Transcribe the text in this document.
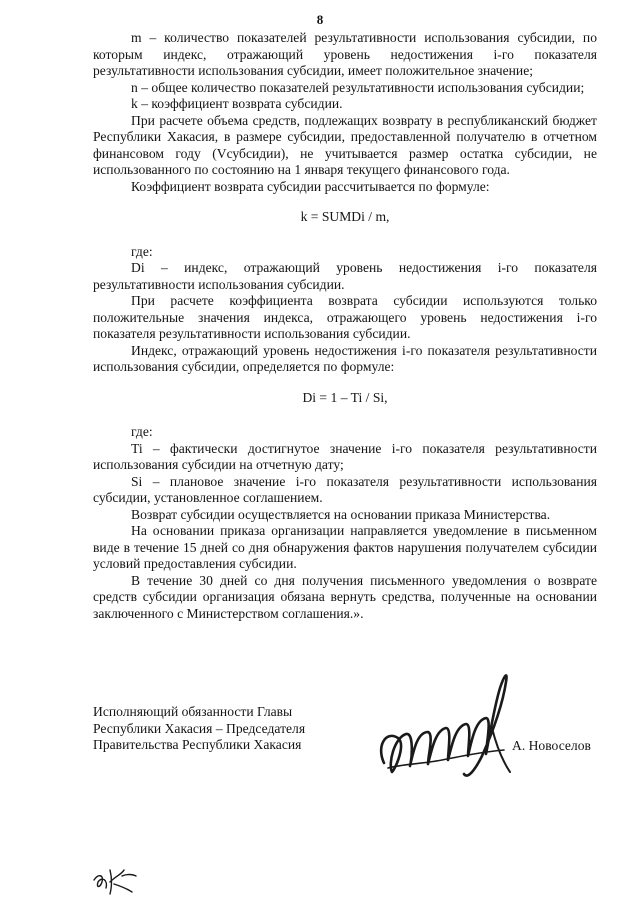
8

m – количество показателей результативности использования субсидии, по которым индекс, отражающий уровень недостижения i-го показателя результативности использования субсидии, имеет положительное значение;

n – общее количество показателей результативности использования субсидии;

k – коэффициент возврата субсидии.

При расчете объема средств, подлежащих возврату в республиканский бюджет Республики Хакасия, в размере субсидии, предоставленной получателю в отчетном финансовом году (Vсубсидии), не учитывается размер остатка субсидии, не использованного по состоянию на 1 января текущего финансового года.

Коэффициент возврата субсидии рассчитывается по формуле:

k = SUMDi / m,

где:

Di – индекс, отражающий уровень недостижения i-го показателя результативности использования субсидии.

При расчете коэффициента возврата субсидии используются только положительные значения индекса, отражающего уровень недостижения i-го показателя результативности использования субсидии.

Индекс, отражающий уровень недостижения i-го показателя результативности использования субсидии, определяется по формуле:

Di = 1 – Ti / Si,

где:

Ti – фактически достигнутое значение i-го показателя результативности использования субсидии на отчетную дату;

Si – плановое значение i-го показателя результативности использования субсидии, установленное соглашением.

Возврат субсидии осуществляется на основании приказа Министерства.

На основании приказа организации направляется уведомление в письменном виде в течение 15 дней со дня обнаружения фактов нарушения получателем субсидии условий предоставления субсидии.

В течение 30 дней со дня получения письменного уведомления о возврате средств субсидии организация обязана вернуть средства, полученные на основании заключенного с Министерством соглашения.».

Исполняющий обязанности Главы
Республики Хакасия – Председателя
Правительства Республики Хакасия	А. Новоселов
